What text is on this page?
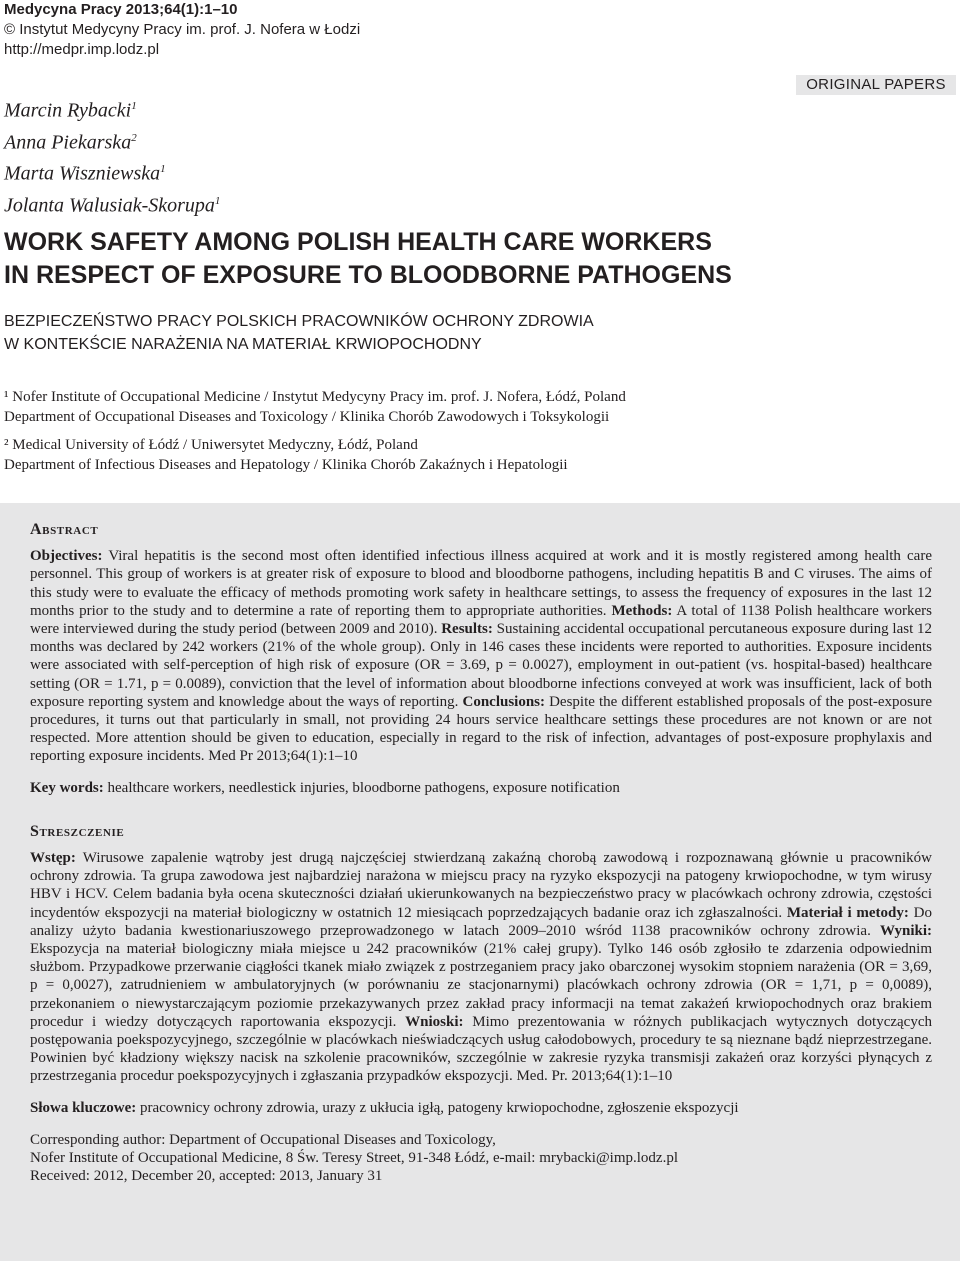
Medycyna Pracy 2013;64(1):1–10
© Instytut Medycyny Pracy im. prof. J. Nofera w Łodzi
http://medpr.imp.lodz.pl
ORIGINAL PAPERS
Marcin Rybacki$^1$
Anna Piekarska$^2$
Marta Wiszniewska$^1$
Jolanta Walusiak-Skorupa$^1$
WORK SAFETY AMONG POLISH HEALTH CARE WORKERS
IN RESPECT OF EXPOSURE TO BLOODBORNE PATHOGENS
BEZPIECZEŃSTWO PRACY POLSKICH PRACOWNIKÓW OCHRONY ZDROWIA
W KONTEKŚCIE NARAŻENIA NA MATERIAŁ KRWIOPOCHODNY
¹ Nofer Institute of Occupational Medicine / Instytut Medycyny Pracy im. prof. J. Nofera, Łódź, Poland
Department of Occupational Diseases and Toxicology / Klinika Chorób Zawodowych i Toksykologii
² Medical University of Łódź / Uniwersytet Medyczny, Łódź, Poland
Department of Infectious Diseases and Hepatology / Klinika Chorób Zakaźnych i Hepatologii
Abstract

Objectives: Viral hepatitis is the second most often identified infectious illness acquired at work and it is mostly registered among health care personnel. This group of workers is at greater risk of exposure to blood and bloodborne pathogens, including hepatitis B and C viruses. The aims of this study were to evaluate the efficacy of methods promoting work safety in healthcare settings, to assess the frequency of exposures in the last 12 months prior to the study and to determine a rate of reporting them to appropriate authorities. Methods: A total of 1138 Polish healthcare workers were interviewed during the study period (between 2009 and 2010). Results: Sustaining accidental occupational percutaneous exposure during last 12 months was declared by 242 workers (21% of the whole group). Only in 146 cases these incidents were reported to authorities. Exposure incidents were associated with self-perception of high risk of exposure (OR = 3.69, p = 0.0027), employment in out-patient (vs. hospital-based) healthcare setting (OR = 1.71, p = 0.0089), conviction that the level of information about bloodborne infections conveyed at work was insufficient, lack of both exposure reporting system and knowledge about the ways of reporting. Conclusions: Despite the different established proposals of the post-exposure procedures, it turns out that particularly in small, not providing 24 hours service healthcare settings these procedures are not known or are not respected. More attention should be given to education, especially in regard to the risk of infection, advantages of post-exposure prophylaxis and reporting exposure incidents. Med Pr 2013;64(1):1–10

Key words: healthcare workers, needlestick injuries, bloodborne pathogens, exposure notification

Streszczenie

Wstęp: Wirusowe zapalenie wątroby jest drugą najczęściej stwierdzaną zakaźną chorobą zawodową i rozpoznawaną głównie u pracowników ochrony zdrowia. Ta grupa zawodowa jest najbardziej narażona w miejscu pracy na ryzyko ekspozycji na patogeny krwiopochodne, w tym wirusy HBV i HCV. Celem badania była ocena skuteczności działań ukierunkowanych na bezpieczeństwo pracy w placówkach ochrony zdrowia, częstości incydentów ekspozycji na materiał biologiczny w ostatnich 12 miesiącach poprzedzających badanie oraz ich zgłaszalności. Materiał i metody: Do analizy użyto badania kwestionariuszowego przeprowadzonego w latach 2009–2010 wśród 1138 pracowników ochrony zdrowia. Wyniki: Ekspozycja na materiał biologiczny miała miejsce u 242 pracowników (21% całej grupy). Tylko 146 osób zgłosiło te zdarzenia odpowiednim służbom. Przypadkowe przerwanie ciągłości tkanek miało związek z postrzeganiem pracy jako obarczonej wysokim stopniem narażenia (OR = 3,69, p = 0,0027), zatrudnieniem w ambulatoryjnych (w porównaniu ze stacjonarnymi) placówkach ochrony zdrowia (OR = 1,71, p = 0,0089), przekonaniem o niewystarczającym poziomie przekazywanych przez zakład pracy informacji na temat zakażeń krwiopochodnych oraz brakiem procedur i wiedzy dotyczących raportowania ekspozycji. Wnioski: Mimo prezentowania w różnych publikacjach wytycznych dotyczących postępowania poekspozycyjnego, szczególnie w placówkach nieświadczących usług całodobowych, procedury te są nieznane bądź nieprzestrzegane. Powinien być kładziony większy nacisk na szkolenie pracowników, szczególnie w zakresie ryzyka transmisji zakażeń oraz korzyści płynących z przestrzegania procedur poekspozycyjnych i zgłaszania przypadków ekspozycji. Med. Pr. 2013;64(1):1–10

Słowa kluczowe: pracownicy ochrony zdrowia, urazy z ukłucia igłą, patogeny krwiopochodne, zgłoszenie ekspozycji

Corresponding author: Department of Occupational Diseases and Toxicology,
Nofer Institute of Occupational Medicine, 8 Św. Teresy Street, 91-348 Łódź, e-mail: mrybacki@imp.lodz.pl
Received: 2012, December 20, accepted: 2013, January 31
